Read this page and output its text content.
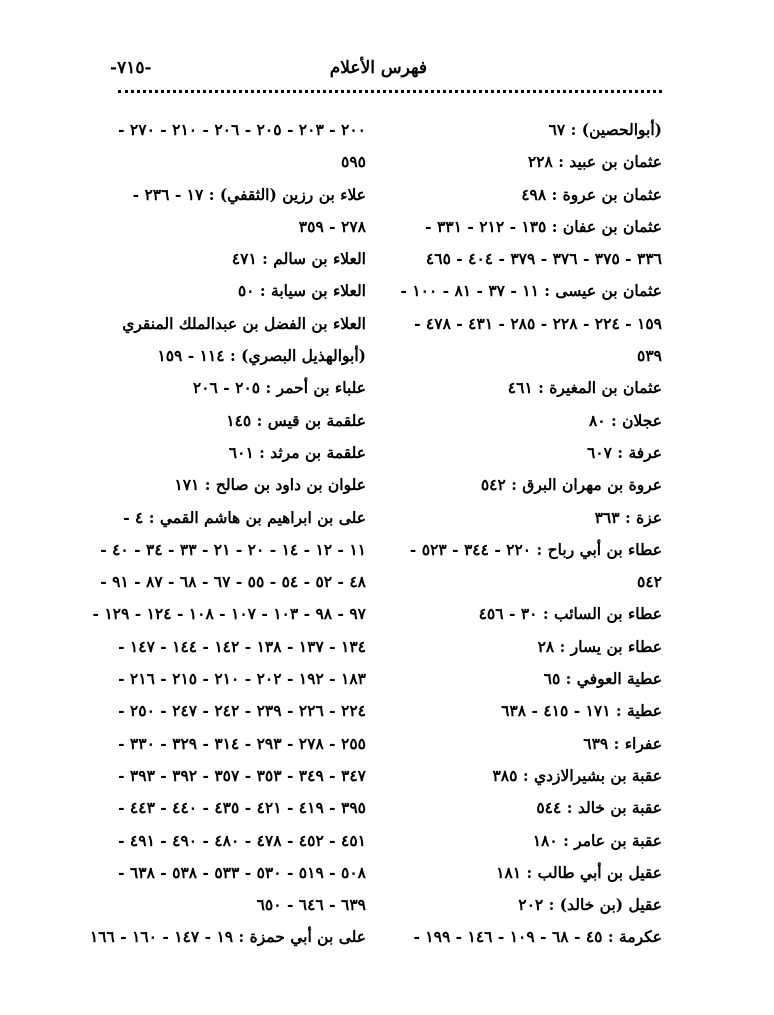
فهرس الأعلام
-٧١٥-
(أبوالحصين) : ٦٧
عثمان بن عبيد : ٢٢٨
عثمان بن عروة : ٤٩٨
عثمان بن عفان : ١٣٥ - ٢١٢ - ٣٣١ -
٣٣٦ - ٣٧٥ - ٣٧٦ - ٣٧٩ - ٤٠٤ - ٤٦٥
عثمان بن عيسى : ١١ - ٣٧ - ٨١ - ١٠٠ -
١٥٩ - ٢٢٤ - ٢٢٨ - ٢٨٥ - ٤٣١ - ٤٧٨ -
٥٣٩
عثمان بن المغيرة : ٤٦١
عجلان : ٨٠
عرفة : ٦٠٧
عروة بن مهران البرق : ٥٤٢
عزة : ٣٦٣
عطاء بن أبي رباح : ٢٢٠ - ٣٤٤ - ٥٢٣ -
٥٤٢
عطاء بن السائب : ٣٠ - ٤٥٦
عطاء بن يسار : ٢٨
عطية العوفي : ٦٥
عطية : ١٧١ - ٤١٥ - ٦٣٨
عفراء : ٦٣٩
عقبة بن بشيرالازدي : ٣٨٥
عقبة بن خالد : ٥٤٤
عقبة بن عامر : ١٨٠
عقيل بن أبي طالب : ١٨١
عقيل (بن خالد) : ٢٠٢
عكرمة : ٤٥ - ٦٨ - ١٠٩ - ١٤٦ - ١٩٩ -
٢٠٠ - ٢٠٣ - ٢٠٥ - ٢٠٦ - ٢١٠ - ٢٧٠ -
٥٩٥
علاء بن رزين (الثقفي) : ١٧ - ٢٣٦ -
٢٧٨ - ٣٥٩
العلاء بن سالم : ٤٧١
العلاء بن سيابة : ٥٠
العلاء بن الفضل بن عبدالملك المنقري
(أبوالهذيل البصري) : ١١٤ - ١٥٩
علباء بن أحمر : ٢٠٥ - ٢٠٦
علقمة بن قيس : ١٤٥
علقمة بن مرثد : ٦٠١
علوان بن داود بن صالح : ١٧١
على بن ابراهيم بن هاشم القمي : ٤ -
١١ - ١٢ - ١٤ - ٢٠ - ٢١ - ٣٣ - ٣٤ - ٤٠ -
٤٨ - ٥٢ - ٥٤ - ٥٥ - ٦٧ - ٦٨ - ٨٧ - ٩١ -
٩٧ - ٩٨ - ١٠٣ - ١٠٧ - ١٠٨ - ١٢٤ - ١٢٩ -
١٣٤ - ١٣٧ - ١٣٨ - ١٤٢ - ١٤٤ - ١٤٧ -
١٨٣ - ١٩٢ - ٢٠٢ - ٢١٠ - ٢١٥ - ٢١٦ -
٢٢٤ - ٢٢٦ - ٢٣٩ - ٢٤٢ - ٢٤٧ - ٢٥٠ -
٢٥٥ - ٢٧٨ - ٢٩٣ - ٣١٤ - ٣٢٩ - ٣٣٠ -
٣٤٧ - ٣٤٩ - ٣٥٣ - ٣٥٧ - ٣٩٢ - ٣٩٣ -
٣٩٥ - ٤١٩ - ٤٢١ - ٤٣٥ - ٤٤٠ - ٤٤٣ -
٤٥١ - ٤٥٢ - ٤٧٨ - ٤٨٠ - ٤٩٠ - ٤٩١ -
٥٠٨ - ٥١٩ - ٥٣٠ - ٥٣٣ - ٥٣٨ - ٦٣٨ -
٦٣٩ - ٦٤٦ - ٦٥٠
على بن أبي حمزة : ١٩ - ١٤٧ - ١٦٠ - ١٦٦
